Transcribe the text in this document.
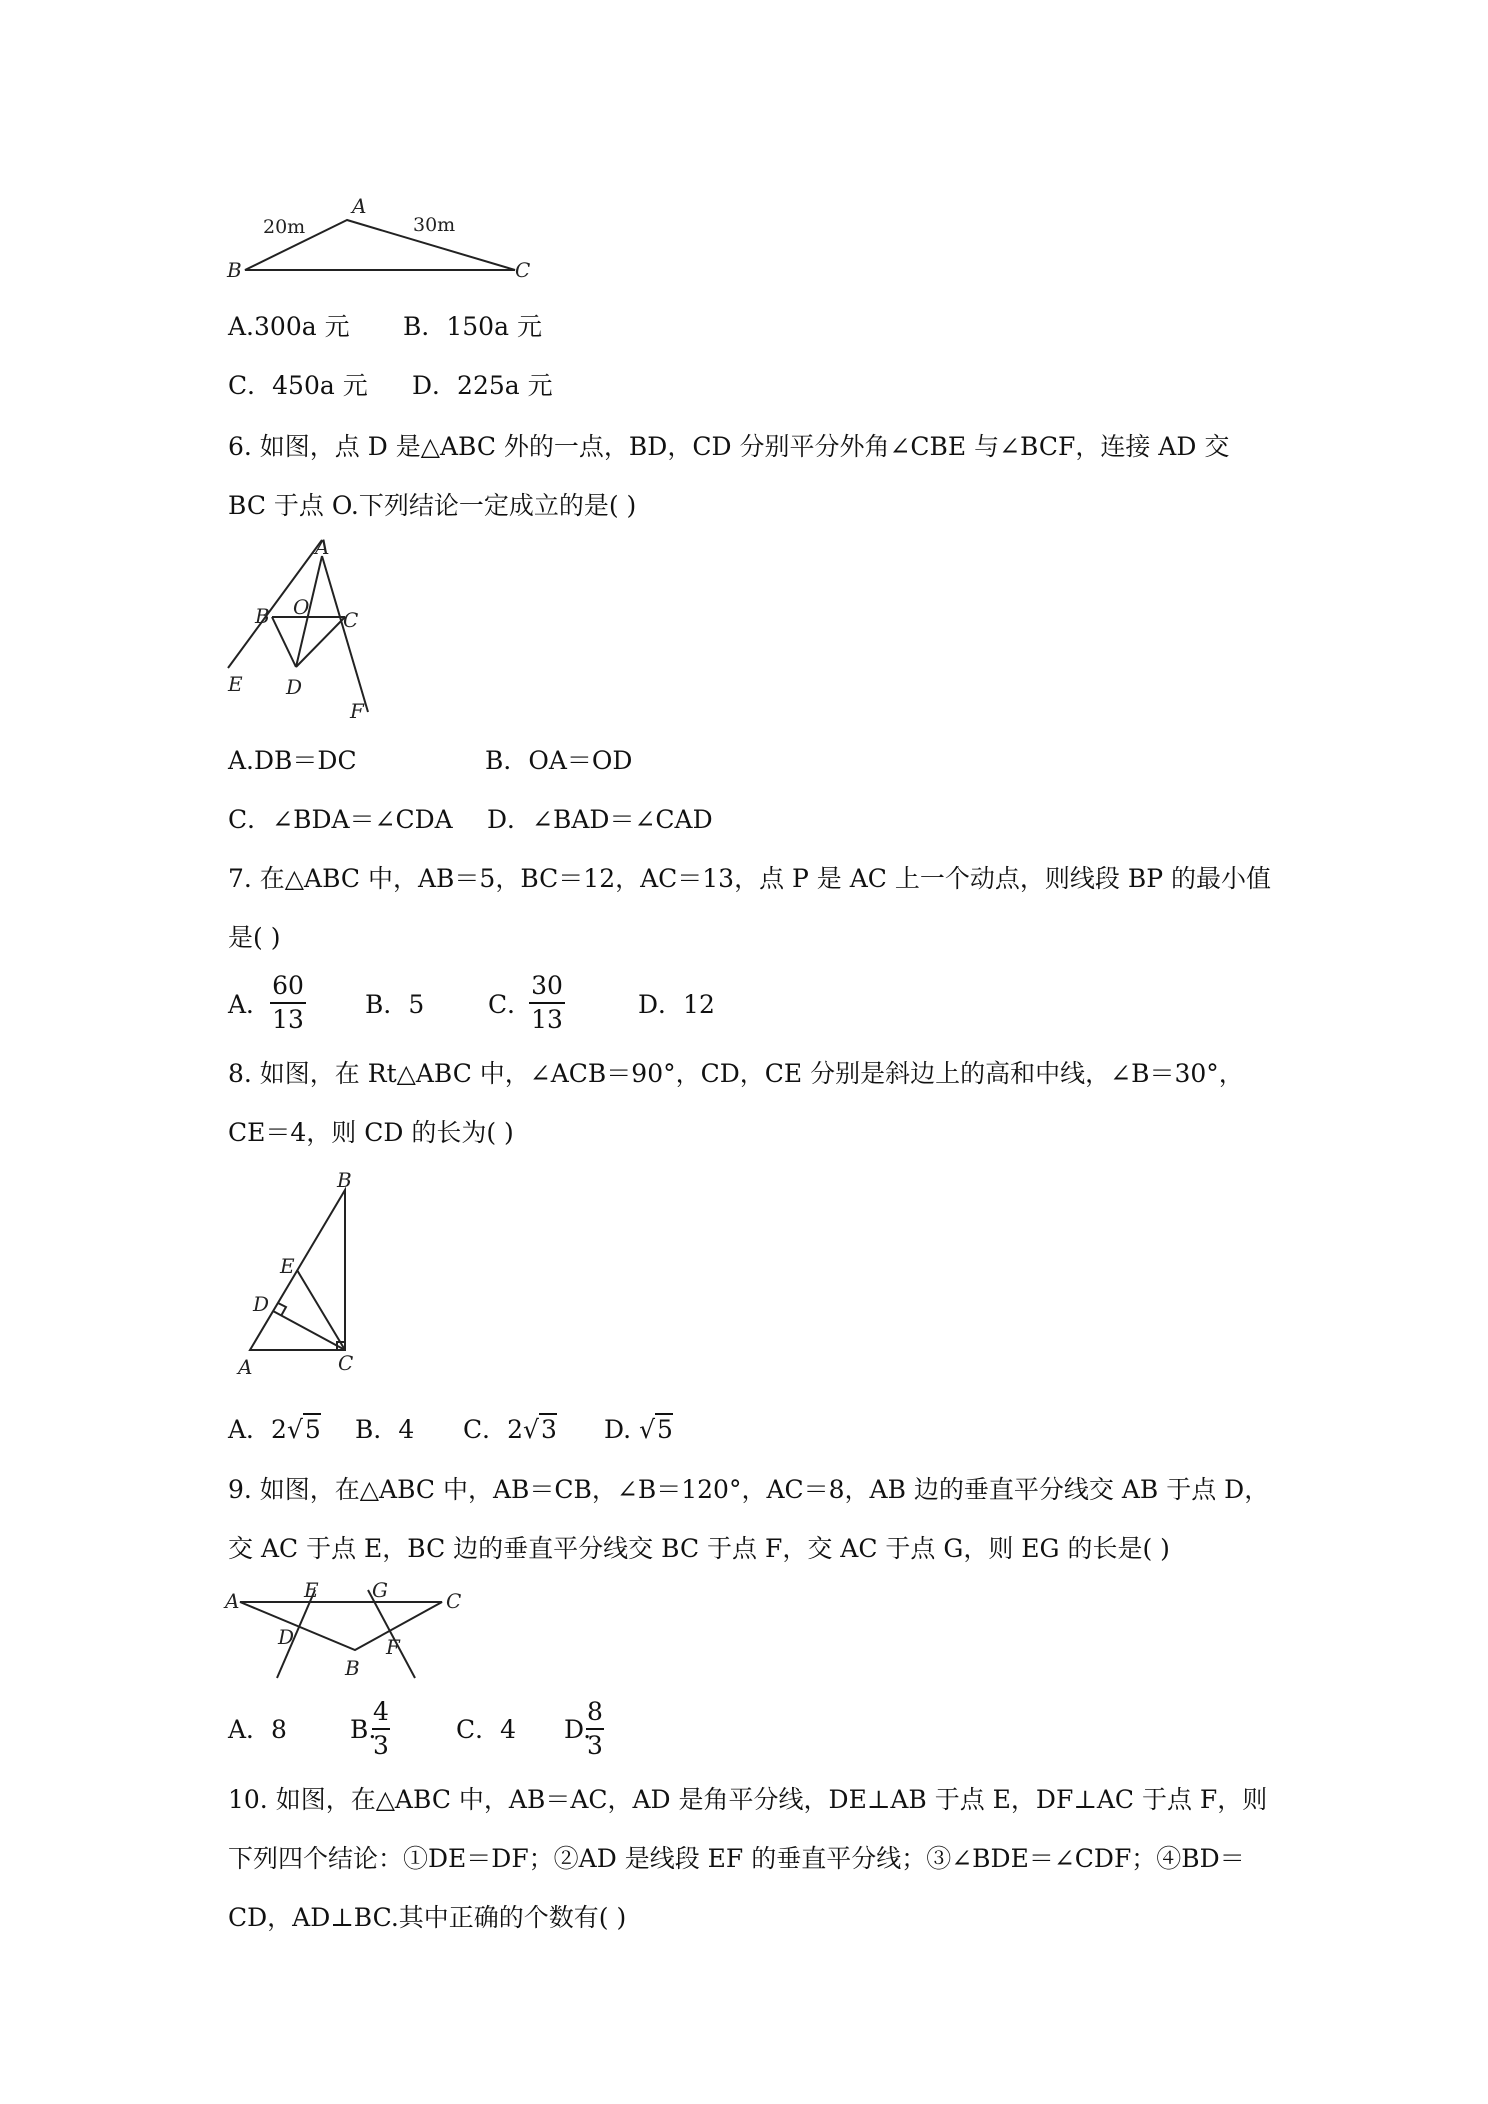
A
B	C
20m	30m
A.300a 元 B．150a 元
C．450a 元 D．225a 元
6. 如图，点 D 是△ABC 外的一点，BD，CD 分别平分外角∠CBE 与∠BCF，连接 AD 交
BC 于点 O.下列结论一定成立的是( )
A
B O
C
E D
F
A.DB＝DC	B．OA＝OD
C．∠BDA＝∠CDA D．∠BAD＝∠CAD
7. 在△ABC 中，AB＝5，BC＝12，AC＝13，点 P 是 AC 上一个动点，则线段 BP 的最小值
是( )
A．
60
13
B．5	C．
30
13
D．12
8. 如图，在 Rt△ABC 中，∠ACB＝90°，CD，CE 分别是斜边上的高和中线，∠B＝30°，
CE＝4，则 CD 的长为( )
B
E
D
A	C
A．2√5 B．4 C．2√3 D. √5
9. 如图，在△ABC 中，AB＝CB，∠B＝120°，AC＝8，AB 边的垂直平分线交 AB 于点 D，
交 AC 于点 E，BC 边的垂直平分线交 BC 于点 F，交 AC 于点 G，则 EG 的长是( )
A	E	G	C
D	F
B
A．8	B.
4
3
C．4 D.
8
3
10. 如图，在△ABC 中，AB＝AC，AD 是角平分线，DE⊥AB 于点 E，DF⊥AC 于点 F，则
下列四个结论：①DE＝DF；②AD 是线段 EF 的垂直平分线；③∠BDE＝∠CDF；④BD＝
CD，AD⊥BC.其中正确的个数有( )
